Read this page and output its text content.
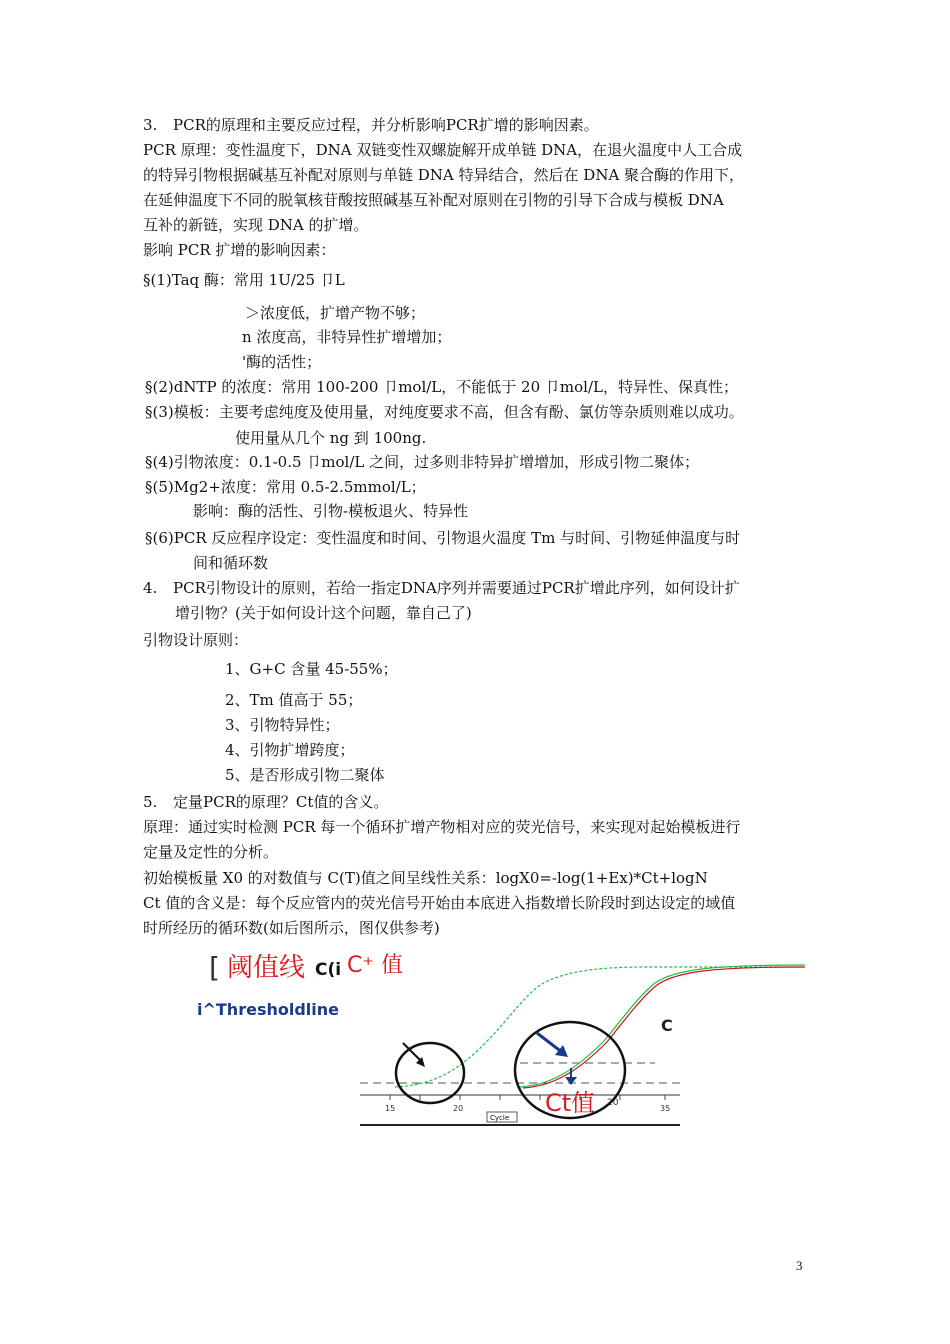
3. PCR的原理和主要反应过程，并分析影响PCR扩增的影响因素。
PCR 原理：变性温度下，DNA 双链变性双螺旋解开成单链 DNA，在退火温度中人工合成
的特异引物根据碱基互补配对原则与单链 DNA 特异结合，然后在 DNA 聚合酶的作用下，
在延伸温度下不同的脱氧核苷酸按照碱基互补配对原则在引物的引导下合成与模板 DNA
互补的新链，实现 DNA 的扩增。
影响 PCR 扩增的影响因素：
§(1)Taq 酶：常用 1U/25 卩L
＞浓度低，扩增产物不够；
n 浓度高，非特异性扩增增加；
'酶的活性；
§(2)dNTP 的浓度：常用 100-200 卩mol/L，不能低于 20 卩mol/L，特异性、保真性；
§(3)模板：主要考虑纯度及使用量，对纯度要求不高，但含有酚、氯仿等杂质则难以成功。
使用量从几个 ng 到 100ng.
§(4)引物浓度：0.1-0.5 卩mol/L 之间，过多则非特异扩增增加，形成引物二聚体；
§(5)Mg2+浓度：常用 0.5-2.5mmol/L；
影响：酶的活性、引物-模板退火、特异性
§(6)PCR 反应程序设定：变性温度和时间、引物退火温度 Tm 与时间、引物延伸温度与时
间和循环数
4. PCR引物设计的原则，若给一指定DNA序列并需要通过PCR扩增此序列，如何设计扩
增引物？(关于如何设计这个问题，靠自己了)
引物设计原则：
1、G+C 含量 45-55%；
2、Tm 值高于 55；
3、引物特异性；
4、引物扩增跨度；
5、是否形成引物二聚体
5. 定量PCR的原理？Ct值的含义。
原理：通过实时检测 PCR 每一个循环扩增产物相对应的荧光信号，来实现对起始模板进行
定量及定性的分析。
初始模板量 X0 的对数值与 C(T)值之间呈线性关系：logX0=-log(1+Ex)*Ct+logN
Ct 值的含义是：每个反应管内的荧光信号开始由本底进入指数增长阶段时到达设定的域值
时所经历的循环数(如后图所示，图仅供参考)
15	20
20
35
Cycle
[ 阈值线 C(i C⁺ 值
i^Thresholdline
Ct值
C
3
